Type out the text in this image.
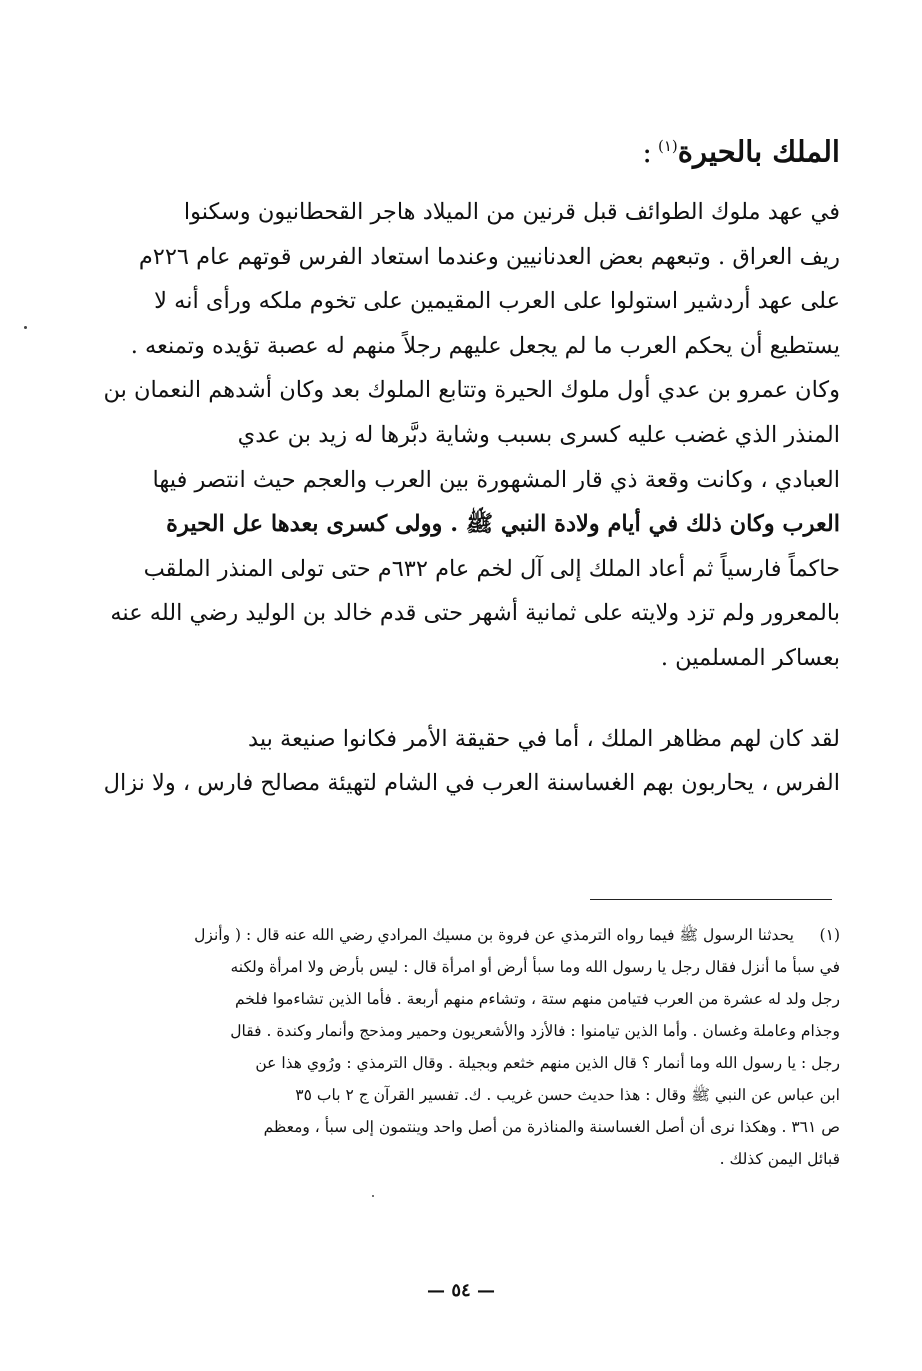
الملك بالحيرة$^{(١)}$:
في عهد ملوك الطوائف قبل قرنين من الميلاد هاجر القحطانيون وسكنوا
ريف العراق . وتبعهم بعض العدنانيين وعندما استعاد الفرس قوتهم عام ٢٢٦م
على عهد أردشير استولوا على العرب المقيمين على تخوم ملكه ورأى أنه لا
يستطيع أن يحكم العرب ما لم يجعل عليهم رجلاً منهم له عصبة تؤيده وتمنعه .
وكان عمرو بن عدي أول ملوك الحيرة وتتابع الملوك بعد وكان أشدهم النعمان بن
المنذر الذي غضب عليه كسرى بسبب وشاية دبَّرها له زيد بن عدي
العبادي ، وكانت وقعة ذي قار المشهورة بين العرب والعجم حيث انتصر فيها
العرب وكان ذلك في أيام ولادة النبي ﷺ . وولى كسرى بعدها عل الحيرة
حاكماً فارسياً ثم أعاد الملك إلى آل لخم عام ٦٣٢م حتى تولى المنذر الملقب
بالمعرور ولم تزد ولايته على ثمانية أشهر حتى قدم خالد بن الوليد رضي الله عنه
بعساكر المسلمين .
لقد كان لهم مظاهر الملك ، أما في حقيقة الأمر فكانوا صنيعة بيد
الفرس ، يحاربون بهم الغساسنة العرب في الشام لتهيئة مصالح فارس ، ولا نزال
(١)يحدثنا الرسول ﷺ فيما رواه الترمذي عن فروة بن مسيك المرادي رضي الله عنه قال : ( وأنزل
في سبأ ما أنزل فقال رجل يا رسول الله وما سبأ أرض أو امرأة قال : ليس بأرض ولا امرأة ولكنه
رجل ولد له عشرة من العرب فتيامن منهم ستة ، وتشاءم منهم أربعة . فأما الذين تشاءموا فلخم
وجذام وعاملة وغسان . وأما الذين تيامنوا : فالأزد والأشعريون وحمير ومذحج وأنمار وكندة . فقال
رجل : يا رسول الله وما أنمار ؟ قال الذين منهم خثعم وبجيلة . وقال الترمذي : ورُوي هذا عن
ابن عباس عن النبي ﷺ وقال : هذا حديث حسن غريب . ك. تفسير القرآن ج ٢ باب ٣٥
ص ٣٦١ . وهكذا نرى أن أصل الغساسنة والمناذرة من أصل واحد وينتمون إلى سبأ ، ومعظم
قبائل اليمن كذلك .
— ٥٤ —
